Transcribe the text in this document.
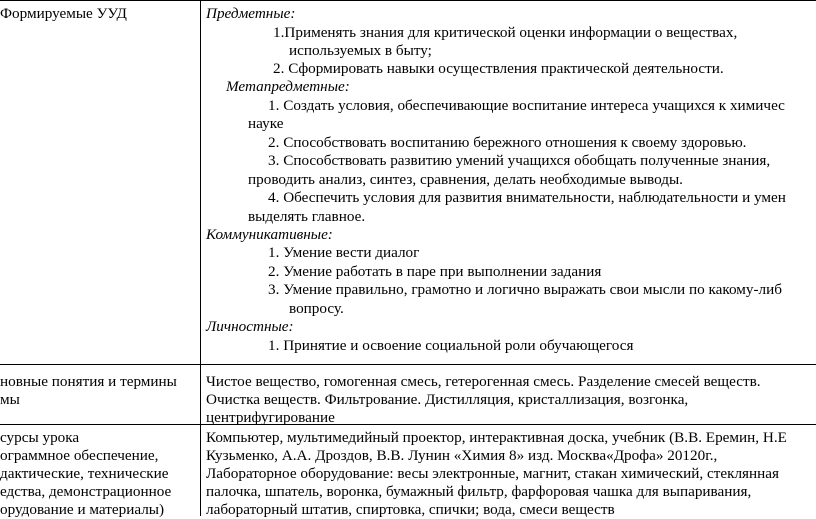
Формируемые УУД	Предметные:
1.Применять знания для критической оценки информации о веществах,
используемых в быту;
2. Сформировать навыки осуществления практической деятельности.
Метапредметные:
1. Создать условия, обеспечивающие воспитание интереса учащихся к химичес
науке
2. Способствовать воспитанию бережного отношения к своему здоровью.
3. Способствовать развитию умений учащихся обобщать полученные знания,
проводить анализ, синтез, сравнения, делать необходимые выводы.
4. Обеспечить условия для развития внимательности, наблюдательности и умен
выделять главное.
Коммуникативные:
1. Умение вести диалог
2. Умение работать в паре при выполнении задания
3. Умение правильно, грамотно и логично выражать свои мысли по какому-либ
вопросу.
Личностные:
1. Принятие и освоение социальной роли обучающегося
новные понятия и термины
мы
Чистое вещество, гомогенная смесь, гетерогенная смесь. Разделение смесей веществ.
Очистка веществ. Фильтрование. Дистилляция, кристаллизация, возгонка,
центрифугирование
сурсы урока
ограммное обеспечение,
дактические, технические
едства, демонстрационное
орудование и материалы)
Компьютер, мультимедийный проектор, интерактивная доска, учебник (В.В. Еремин, Н.Е
Кузьменко, А.А. Дроздов, В.В. Лунин «Химия 8» изд. Москва«Дрофа» 20120г.,
Лабораторное оборудование: весы электронные, магнит, стакан химический, стеклянная
палочка, шпатель, воронка, бумажный фильтр, фарфоровая чашка для выпаривания,
лабораторный штатив, спиртовка, спички; вода, смеси веществ
